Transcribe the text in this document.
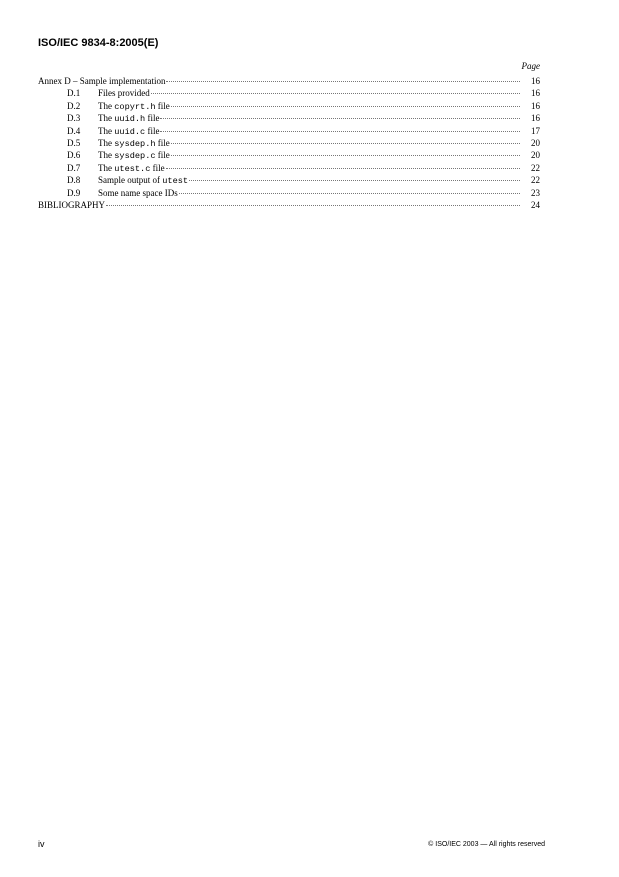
ISO/IEC 9834-8:2005(E)
Page
Annex D – Sample implementation	16
D.1	Files provided	16
D.2	The copyrt.h file	16
D.3	The uuid.h file	16
D.4	The uuid.c file	17
D.5	The sysdep.h file	20
D.6	The sysdep.c file	20
D.7	The utest.c file	22
D.8	Sample output of utest	22
D.9	Some name space IDs	23
BIBLIOGRAPHY	24
iv	© ISO/IEC 2003 — All rights reserved
